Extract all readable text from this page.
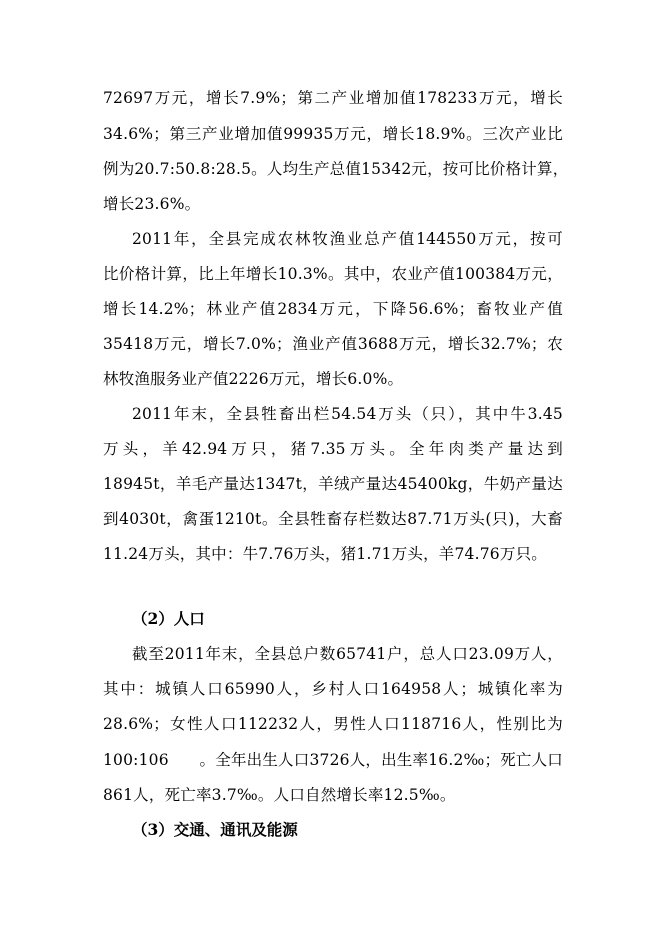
72697万元，增长7.9%；第二产业增加值178233万元，增长
34.6%；第三产业增加值99935万元，增长18.9%。三次产业比
例为20.7:50.8:28.5。人均生产总值15342元，按可比价格计算，
增长23.6%。
2011年，全县完成农林牧渔业总产值144550万元，按可
比价格计算，比上年增长10.3%。其中，农业产值100384万元，
增长14.2%；林业产值2834万元，下降56.6%；畜牧业产值
35418万元，增长7.0%；渔业产值3688万元，增长32.7%；农
林牧渔服务业产值2226万元，增长6.0%。
2011年末，全县牲畜出栏54.54万头（只），其中牛3.45
万头，羊42.94万只，猪7.35万头。全年肉类产量达到
18945t，羊毛产量达1347t，羊绒产量达45400kg，牛奶产量达
到4030t，禽蛋1210t。全县牲畜存栏数达87.71万头(只)，大畜
11.24万头，其中：牛7.76万头，猪1.71万头，羊74.76万只。
（2）人口
截至2011年末，全县总户数65741户，总人口23.09万人，
其中：城镇人口65990人，乡村人口164958人；城镇化率为
28.6%；女性人口112232人，男性人口118716人，性别比为
100:106      。全年出生人口3726人，出生率16.2‰；死亡人口
861人，死亡率3.7‰。人口自然增长率12.5‰。
（3）交通、通讯及能源
